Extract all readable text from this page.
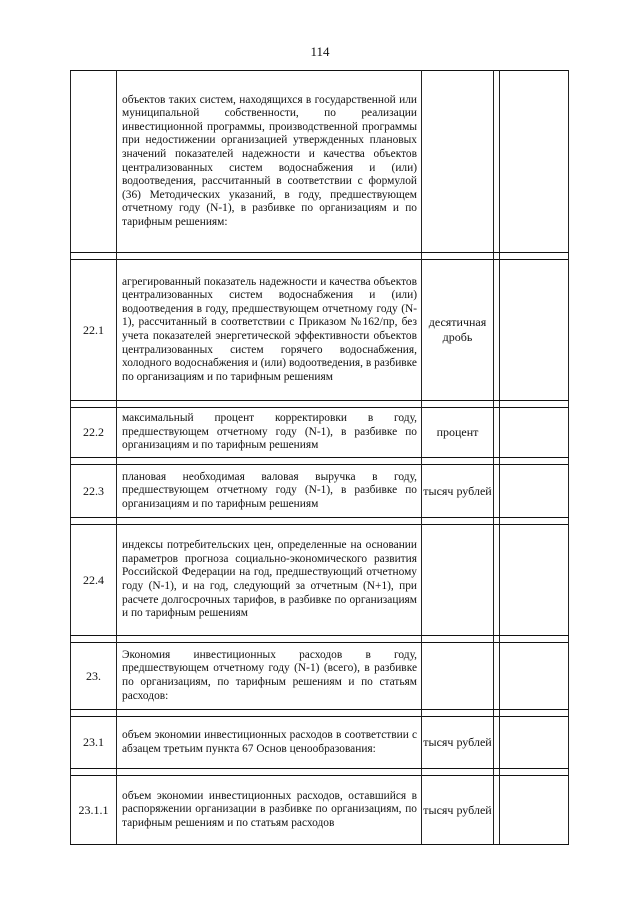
114
	объектов таких систем, находящихся в государственной или муниципальной собственности, по реализации инвестиционной программы, производственной программы при недостижении организацией утвержденных плановых значений показателей надежности и качества объектов централизованных систем водоснабжения и (или) водоотведения, рассчитанный в соответствии с формулой (36) Методических указаний, в году, предшествующем отчетному году (N-1), в разбивке по организациям и по тарифным решениям:			

22.1	агрегированный показатель надежности и качества объектов централизованных систем водоснабжения и (или) водоотведения в году, предшествующем отчетному году (N-1), рассчитанный в соответствии с Приказом №162/пр, без учета показателей энергетической эффективности объектов централизованных систем горячего водоснабжения, холодного водоснабжения и (или) водоотведения, в разбивке по организациям и по тарифным решениям	десятичная дробь		

22.2	максимальный процент корректировки в году, предшествующем отчетному году (N-1), в разбивке по организациям и по тарифным решениям	процент		

22.3	плановая необходимая валовая выручка в году, предшествующем отчетному году (N-1), в разбивке по организациям и по тарифным решениям	тысяч рублей		

22.4	индексы потребительских цен, определенные на основании параметров прогноза социально-экономического развития Российской Федерации на год, предшествующий отчетному году (N-1), и на год, следующий за отчетным (N+1), при расчете долгосрочных тарифов, в разбивке по организациям и по тарифным решениям			

23.	Экономия инвестиционных расходов в году, предшествующем отчетному году (N-1) (всего), в разбивке по организациям, по тарифным решениям и по статьям расходов:			

23.1	объем экономии инвестиционных расходов в соответствии с абзацем третьим пункта 67 Основ ценообразования:	тысяч рублей		

23.1.1	объем экономии инвестиционных расходов, оставшийся в распоряжении организации в разбивке по организациям, по тарифным решениям и по статьям расходов	тысяч рублей		
